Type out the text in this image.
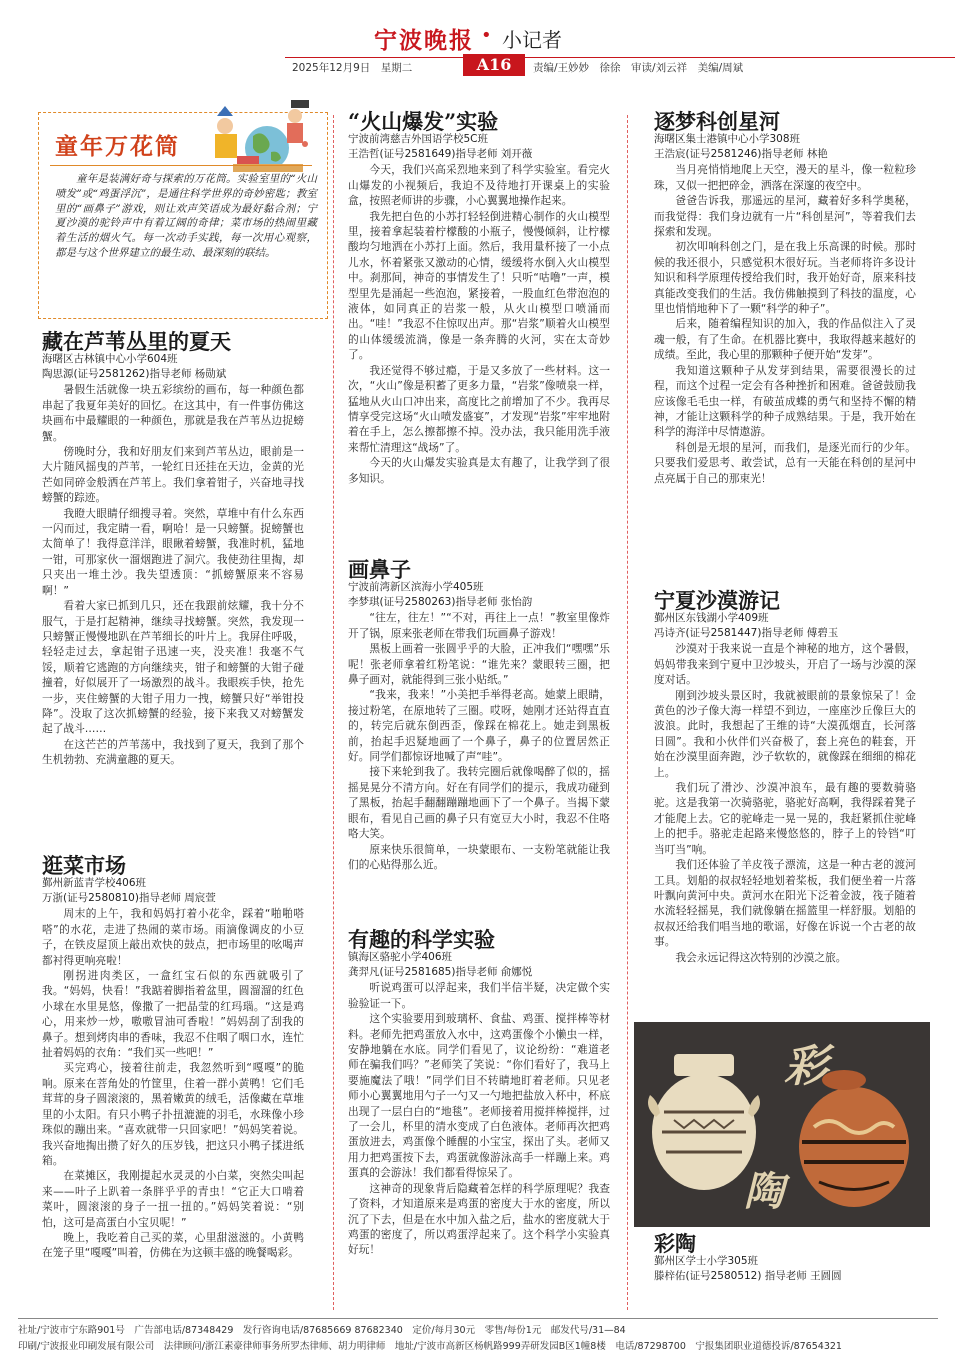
宁波晚报 • 小记者
2025年12月9日　星期二	A16	责编/王妙妙　徐徐　审读/刘云祥　美编/周斌
童年万花筒
童年是装满好奇与探索的万花筒。实验室里的“火山喷发”或“鸡蛋浮沉”，是通往科学世界的奇妙密匙；教室里的“画鼻子”游戏，则让欢声笑语成为最好黏合剂；宁夏沙漠的驼铃声中有着辽阔的奇律；菜市场的热闹里藏着生活的烟火气。每一次动手实践，每一次用心观察，都是与这个世界建立的最生动、最深刻的联结。
藏在芦苇丛里的夏天
海曙区古林镇中心小学604班
陶思源(证号2581262)指导老师 杨勋斌

暑假生活就像一块五彩缤纷的画布，每一种颜色都串起了我夏年美好的回忆。在这其中，有一件事仿佛这块画布中最耀眼的一种颜色，那就是我在芦苇丛边捉螃蟹。

傍晚时分，我和好朋友们来到芦苇丛边，眼前是一大片随风摇曳的芦苇，一轮红日还挂在天边，金黄的光芒如同碎金般洒在芦苇上。我们拿着钳子，兴奋地寻找螃蟹的踪迹。

我瞪大眼睛仔细搜寻着。突然，草堆中有什么东西一闪而过，我定睛一看，啊哈！是一只螃蟹。捉螃蟹也太简单了！我得意洋洋，眼瞅着螃蟹，我准时机，猛地一钳，可那家伙一溜烟跑进了洞穴。我使劲往里掏，却只夹出一堆土沙。我失望透顶：“抓螃蟹原来不容易啊！”

看着大家已抓到几只，还在我跟前炫耀，我十分不服气，于是打起精神，继续寻找螃蟹。突然，我发现一只螃蟹正慢慢地趴在芦苇细长的叶片上。我屏住呼吸，轻轻走过去，拿起钳子迅速一夹，没夹准！我毫不气馁，顺着它逃跑的方向继续夹，钳子和螃蟹的大钳子碰撞着，好似展开了一场激烈的战斗。我眼疾手快，抢先一步，夹住螃蟹的大钳子用力一拽，螃蟹只好“举钳投降”。没取了这次抓螃蟹的经验，接下来我又对螃蟹发起了战斗……

在这芒芒的芦苇荡中，我找到了夏天，我到了那个生机勃勃、充满童趣的夏天。

逛菜市场
鄞州新蓝青学校406班
万浙(证号2580810)指导老师 周宸萱

周末的上午，我和妈妈打着小花伞，踩着“啪啪嗒嗒”的水花，走进了热闹的菜市场。雨滴像调皮的小豆子，在铁皮屋顶上敲出欢快的鼓点，把市场里的吆喝声都衬得更响亮啦！

刚拐进肉类区，一盒红宝石似的东西就吸引了我。“妈妈，快看！”我踮着脚指着盆里，圆溜溜的红色小球在水里晃悠，像撒了一把晶莹的红玛瑙。“这是鸡心，用来炒一炒，嗷嗷冒油可香啦！”妈妈刮了刮我的鼻子。想到烤肉串的香味，我忍不住咽了咽口水，连忙扯着妈妈的衣角：“我们买一些吧！”

买完鸡心，接着往前走，我忽然听到“嘎嘎”的脆响。原来在菩角处的竹筐里，住着一群小黄鸭！它们毛茸茸的身子圆滚滚的，黑着嫩黄的绒毛，活像藏在草堆里的小太阳。有只小鸭子扑扭漉漉的羽毛，水珠像小珍珠似的蹦出来。“喜欢就带一只回家吧！”妈妈笑着说。我兴奋地掏出攒了好久的压岁钱，把这只小鸭子揉进纸箱。

在菜摊区，我刚提起水灵灵的小白菜，突然尖叫起来——叶子上趴着一条胖乎乎的青虫！“它正大口啃着菜叶，圆滚滚的身子一扭一扭的。”妈妈笑着说：“别怕，这可是高蛋白小宝贝呢！”

晚上，我吃着自己买的菜，心里甜滋滋的。小黄鸭在笼子里“嘎嘎”叫着，仿佛在为这顿丰盛的晚餐喝彩。

“火山爆发”实验
宁波前湾慈吉外国语学校5C班
王浩哲(证号2581649)指导老师 刘开薇

今天，我们兴高采烈地来到了科学实验室。看完火山爆发的小视频后，我迫不及待地打开课桌上的实验盒，按照老师讲的步骤，小心翼翼地操作起来。

我先把白色的小苏打轻轻倒进精心制作的火山模型里，接着拿起装着柠檬酸的小瓶子，慢慢倾斜，让柠檬酸均匀地洒在小苏打上面。然后，我用量杯接了一小点儿水，怀着紧张又激动的心情，缓缓将水倒入火山模型中。刹那间，神奇的事情发生了！只听“咕噜”一声，模型里先是涌起一些泡泡，紧接着，一股血红色带泡泡的液体，如同真正的岩浆一般，从火山模型口喷涌而出。“哇！”我忍不住惊叹出声。那“岩浆”顺着火山模型的山体缓缓流淌，像是一条奔腾的火河，实在太奇妙了。

我还觉得不够过瘾，于是又多放了一些材料。这一次，“火山”像是积蓄了更多力量，“岩浆”像喷泉一样，猛地从火山口冲出来，高度比之前增加了不少。我再尽情享受完这场“火山喷发盛宴”，才发现“岩浆”牢牢地附着在手上，怎么擦都擦不掉。没办法，我只能用洗手液来帮忙清理这“战场”了。

今天的火山爆发实验真是太有趣了，让我学到了很多知识。

画鼻子
宁波前湾新区滨海小学405班
李梦琪(证号2580263)指导老师 张怡韵

“往左，往左！”“不对，再往上一点！”教室里像炸开了锅，原来张老师在带我们玩画鼻子游戏！

黑板上画着一张圆乎乎的大脸，正冲我们“嘿嘿”乐呢！张老师拿着红粉笔说：“谁先来？蒙眼转三圈，把鼻子画对，就能得到三张小贴纸。”

“我来，我来！”小美把手举得老高。她蒙上眼睛，接过粉笔，在原地转了三圈。哎呀，她刚才还站得直直的，转完后就东倒西歪，像踩在棉花上。她走到黑板前，抬起手迟疑地画了一个鼻子，鼻子的位置居然正好。同学们都惊讶地喊了声“哇”。

接下来轮到我了。我转完圈后就像喝醉了似的，摇摇晃晃分不清方向。好在有同学们的提示，我成功碰到了黑板，抬起手翻翻蹦蹦地画下了一个鼻子。当揭下蒙眼布，看见自己画的鼻子只有宽豆大小时，我忍不住咯咯大笑。

原来快乐很简单，一块蒙眼布、一支粉笔就能让我们的心贴得那么近。

有趣的科学实验
镇海区骆驼小学406班
龚羿凡(证号2581685)指导老师 俞娜悦

听说鸡蛋可以浮起来，我们半信半疑，决定做个实验验证一下。

这个实验要用到玻璃杯、食盐、鸡蛋、搅拌棒等材料。老师先把鸡蛋放入水中，这鸡蛋像个小懒虫一样，安静地躺在水底。同学们看见了，议论纷纷：“难道老师在骗我们吗？”老师笑了笑说：“你们看好了，我马上要施魔法了哦！”同学们目不转睛地盯着老师。只见老师小心翼翼地用勺子一勺又一勺地把盐放入杯中，杯底出现了一层白白的“地毯”。老师接着用搅拌棒搅拌，过了一会儿，杯里的清水变成了白色液体。老师再次把鸡蛋放进去，鸡蛋像个睡醒的小宝宝，探出了头。老师又用力把鸡蛋按下去，鸡蛋就像游泳高手一样蹦上来。鸡蛋真的会游泳！我们都看得惊呆了。

这神奇的现象背后隐藏着怎样的科学原理呢？我查了资料，才知道原来是鸡蛋的密度大于水的密度，所以沉了下去，但是在水中加入盐之后，盐水的密度就大于鸡蛋的密度了，所以鸡蛋浮起来了。这个科学小实验真好玩！

逐梦科创星河
海曙区集士港镇中心小学308班
王浩宸(证号2581246)指导老师 林艳

当月亮悄悄地爬上天空，漫天的星斗，像一粒粒珍珠，又似一把把碎金，洒落在深邃的夜空中。

爸爸告诉我，那遥远的星河，藏着好多科学奥秘，而我觉得：我们身边就有一片“科创星河”，等着我们去探索和发现。

初次叩响科创之门，是在我上乐高课的时候。那时候的我还很小，只感觉积木很好玩。当老师将许多设计知识和科学原理传授给我们时，我开始好奇，原来科技真能改变我们的生活。我仿佛触摸到了科技的温度，心里也悄悄地种下了一颗“科学的种子”。

后来，随着编程知识的加入，我的作品似注入了灵魂一般，有了生命。在机器比赛中，我取得越来越好的成绩。至此，我心里的那颗种子便开始“发芽”。

我知道这颗种子从发芽到结果，需要很漫长的过程，而这个过程一定会有各种挫折和困难。爸爸鼓励我应该像毛毛虫一样，有破茧成蝶的勇气和坚持不懈的精神，才能让这颗科学的种子成熟结果。于是，我开始在科学的海洋中尽情遨游。

科创是无垠的星河，而我们，是逐光而行的少年。只要我们爱思考、敢尝试，总有一天能在科创的星河中点亮属于自己的那束光！

宁夏沙漠游记
鄞州区东钱湖小学409班
冯诗齐(证号2581447)指导老师 傅碧玉

沙漠对于我来说一直是个神秘的地方，这个暑假，妈妈带我来到宁夏中卫沙坡头，开启了一场与沙漠的深度对话。

刚到沙坡头景区时，我就被眼前的景象惊呆了！金黄色的沙子像大海一样望不到边，一座座沙丘像巨大的波浪。此时，我想起了王维的诗“大漠孤烟直，长河落日圆”。我和小伙伴们兴奋极了，套上亮色的鞋套，开始在沙漠里面奔跑，沙子软软的，就像踩在细细的棉花上。

我们玩了滑沙、沙漠冲浪车，最有趣的要数骑骆驼。这是我第一次骑骆驼，骆驼好高啊，我得踩着凳子才能爬上去。它的驼峰走一晃一晃的，我赶紧抓住驼峰上的把手。骆驼走起路来慢悠悠的，脖子上的铃铛“叮当叮当”响。

我们还体验了羊皮筏子漂流，这是一种古老的渡河工具。划船的叔叔轻轻地划着桨板，我们便坐着一片落叶飘向黄河中央。黄河水在阳光下泛着金波，筏子随着水流轻轻摇晃，我们就像躺在摇篮里一样舒服。划船的叔叔还给我们唱当地的歌谣，好像在诉说一个古老的故事。

我会永远记得这次特别的沙漠之旅。

彩
陶
彩陶
鄞州区学士小学305班
滕梓佑(证号2580512) 指导老师 王圆圆
社址/宁波市宁东路901号　广告部电话/87348429　发行咨询电话/87685669 87682340　定价/每月30元　零售/每份1元　邮发代号/31—84
印刷/宁波报业印刷发展有限公司　法律顾问/浙江素豪律师事务所罗杰律师、胡力明律师　地址/宁波市高新区杨帆路999弄研发园B区1幢8楼　电话/87298700　宁报集团职业道德投诉/87654321
